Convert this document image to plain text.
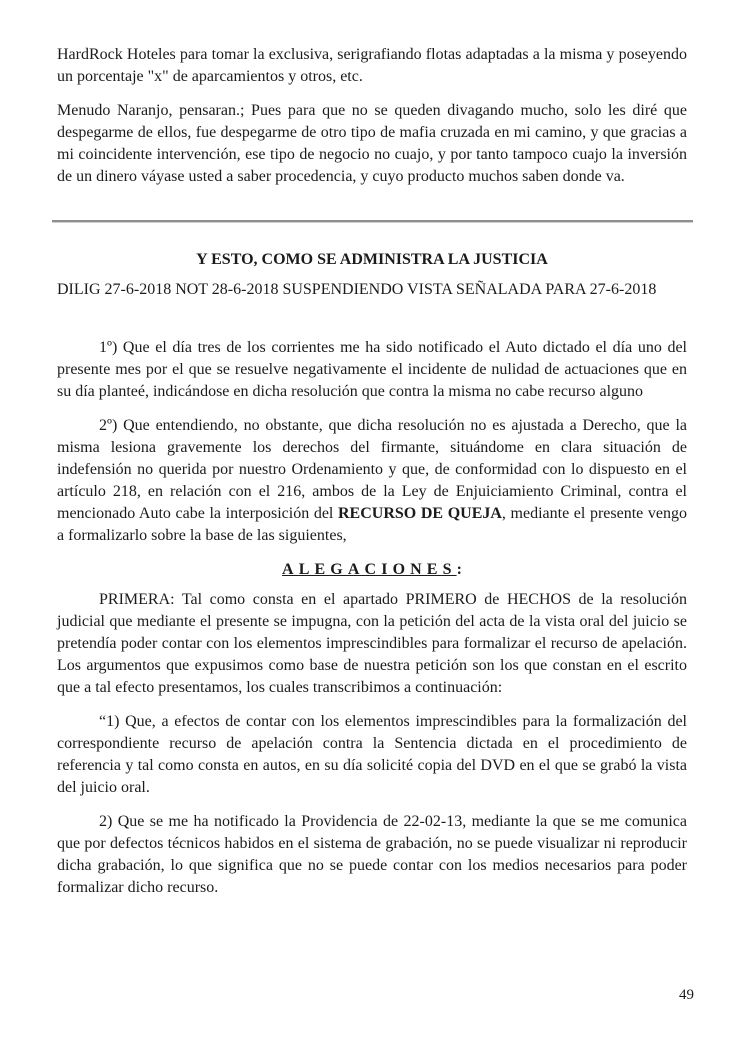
HardRock Hoteles para tomar la exclusiva, serigrafiando flotas adaptadas a la misma y poseyendo un porcentaje "x" de aparcamientos y otros, etc.

Menudo Naranjo, pensaran.; Pues para que no se queden divagando mucho, solo les diré que despegarme de ellos, fue despegarme de otro tipo de mafia cruzada en mi camino, y que gracias a mi coincidente intervención, ese tipo de negocio no cuajo, y por tanto tampoco cuajo la inversión de un dinero váyase usted a saber procedencia, y cuyo producto muchos saben donde va.

Y ESTO, COMO SE ADMINISTRA LA JUSTICIA

DILIG 27-6-2018 NOT 28-6-2018 SUSPENDIENDO VISTA SEÑALADA PARA 27-6-2018

1º) Que el día tres de los corrientes me ha sido notificado el Auto dictado el día uno del presente mes por el que se resuelve negativamente el incidente de nulidad de actuaciones que en su día planteé, indicándose en dicha resolución que contra la misma no cabe recurso alguno

2º) Que entendiendo, no obstante, que dicha resolución no es ajustada a Derecho, que la misma lesiona gravemente los derechos del firmante, situándome en clara situación de indefensión no querida por nuestro Ordenamiento y que, de conformidad con lo dispuesto en el artículo 218, en relación con el 216, ambos de la Ley de Enjuiciamiento Criminal, contra el mencionado Auto cabe la interposición del RECURSO DE QUEJA, mediante el presente vengo a formalizarlo sobre la base de las siguientes,

ALEGACIONES:

PRIMERA: Tal como consta en el apartado PRIMERO de HECHOS de la resolución judicial que mediante el presente se impugna, con la petición del acta de la vista oral del juicio se pretendía poder contar con los elementos imprescindibles para formalizar el recurso de apelación. Los argumentos que expusimos como base de nuestra petición son los que constan en el escrito que a tal efecto presentamos, los cuales transcribimos a continuación:

“1) Que, a efectos de contar con los elementos imprescindibles para la formalización del correspondiente recurso de apelación contra la Sentencia dictada en el procedimiento de referencia y tal como consta en autos, en su día solicité copia del DVD en el que se grabó la vista del juicio oral.

2) Que se me ha notificado la Providencia de 22-02-13, mediante la que se me comunica que por defectos técnicos habidos en el sistema de grabación, no se puede visualizar ni reproducir dicha grabación, lo que significa que no se puede contar con los medios necesarios para poder formalizar dicho recurso.

49
